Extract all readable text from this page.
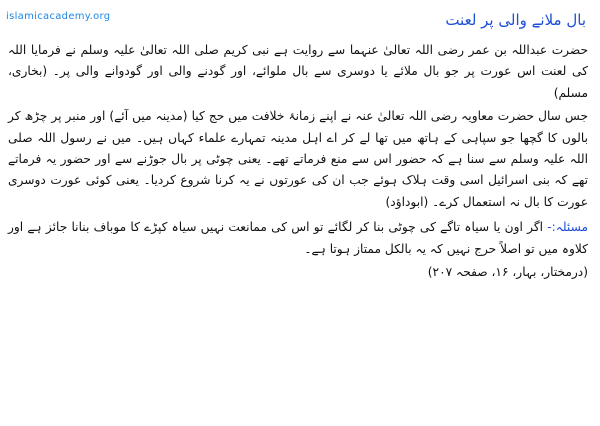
islamicacademy.org	بال ملانے والی پر لعنت

حضرت عبداللہ بن عمر رضی اللہ تعالیٰ عنہما سے روایت ہے نبی کریم صلی اللہ تعالیٰ علیہ وسلم نے فرمایا اللہ کی لعنت اس عورت پر جو بال ملائے یا دوسری سے بال ملوائے، اور گودنے والی اور گودوانے والی پر۔ (بخاری، مسلم)

جس سال حضرت معاویہ رضی اللہ تعالیٰ عنہ نے اپنے زمانۂ خلافت میں حج کیا (مدینہ میں آئے) اور منبر پر چڑھ کر بالوں کا گچھا جو سپاہی کے ہاتھ میں تھا لے کر اے اہل مدینہ تمہارے علماء کہاں ہیں۔ میں نے رسول اللہ صلی اللہ علیہ وسلم سے سنا ہے کہ حضور اس سے منع فرماتے تھے۔ یعنی چوٹی پر بال جوڑنے سے اور حضور یہ فرماتے تھے کہ بنی اسرائیل اسی وقت ہلاک ہوئے جب ان کی عورتوں نے یہ کرنا شروع کردیا۔ یعنی کوئی عورت دوسری عورت کا بال نہ استعمال کرے۔ (ابوداؤد)

مسئلہ:- اگر اون یا سیاہ تاگے کی چوٹی بنا کر لگائے تو اس کی ممانعت نہیں سیاہ کپڑے کا موباف بنانا جائز ہے اور کلاوہ میں تو اصلاً حرج نہیں کہ یہ بالکل ممتاز ہوتا ہے۔

(درمختار، بہار، ۱۶، صفحہ ۲۰۷)
